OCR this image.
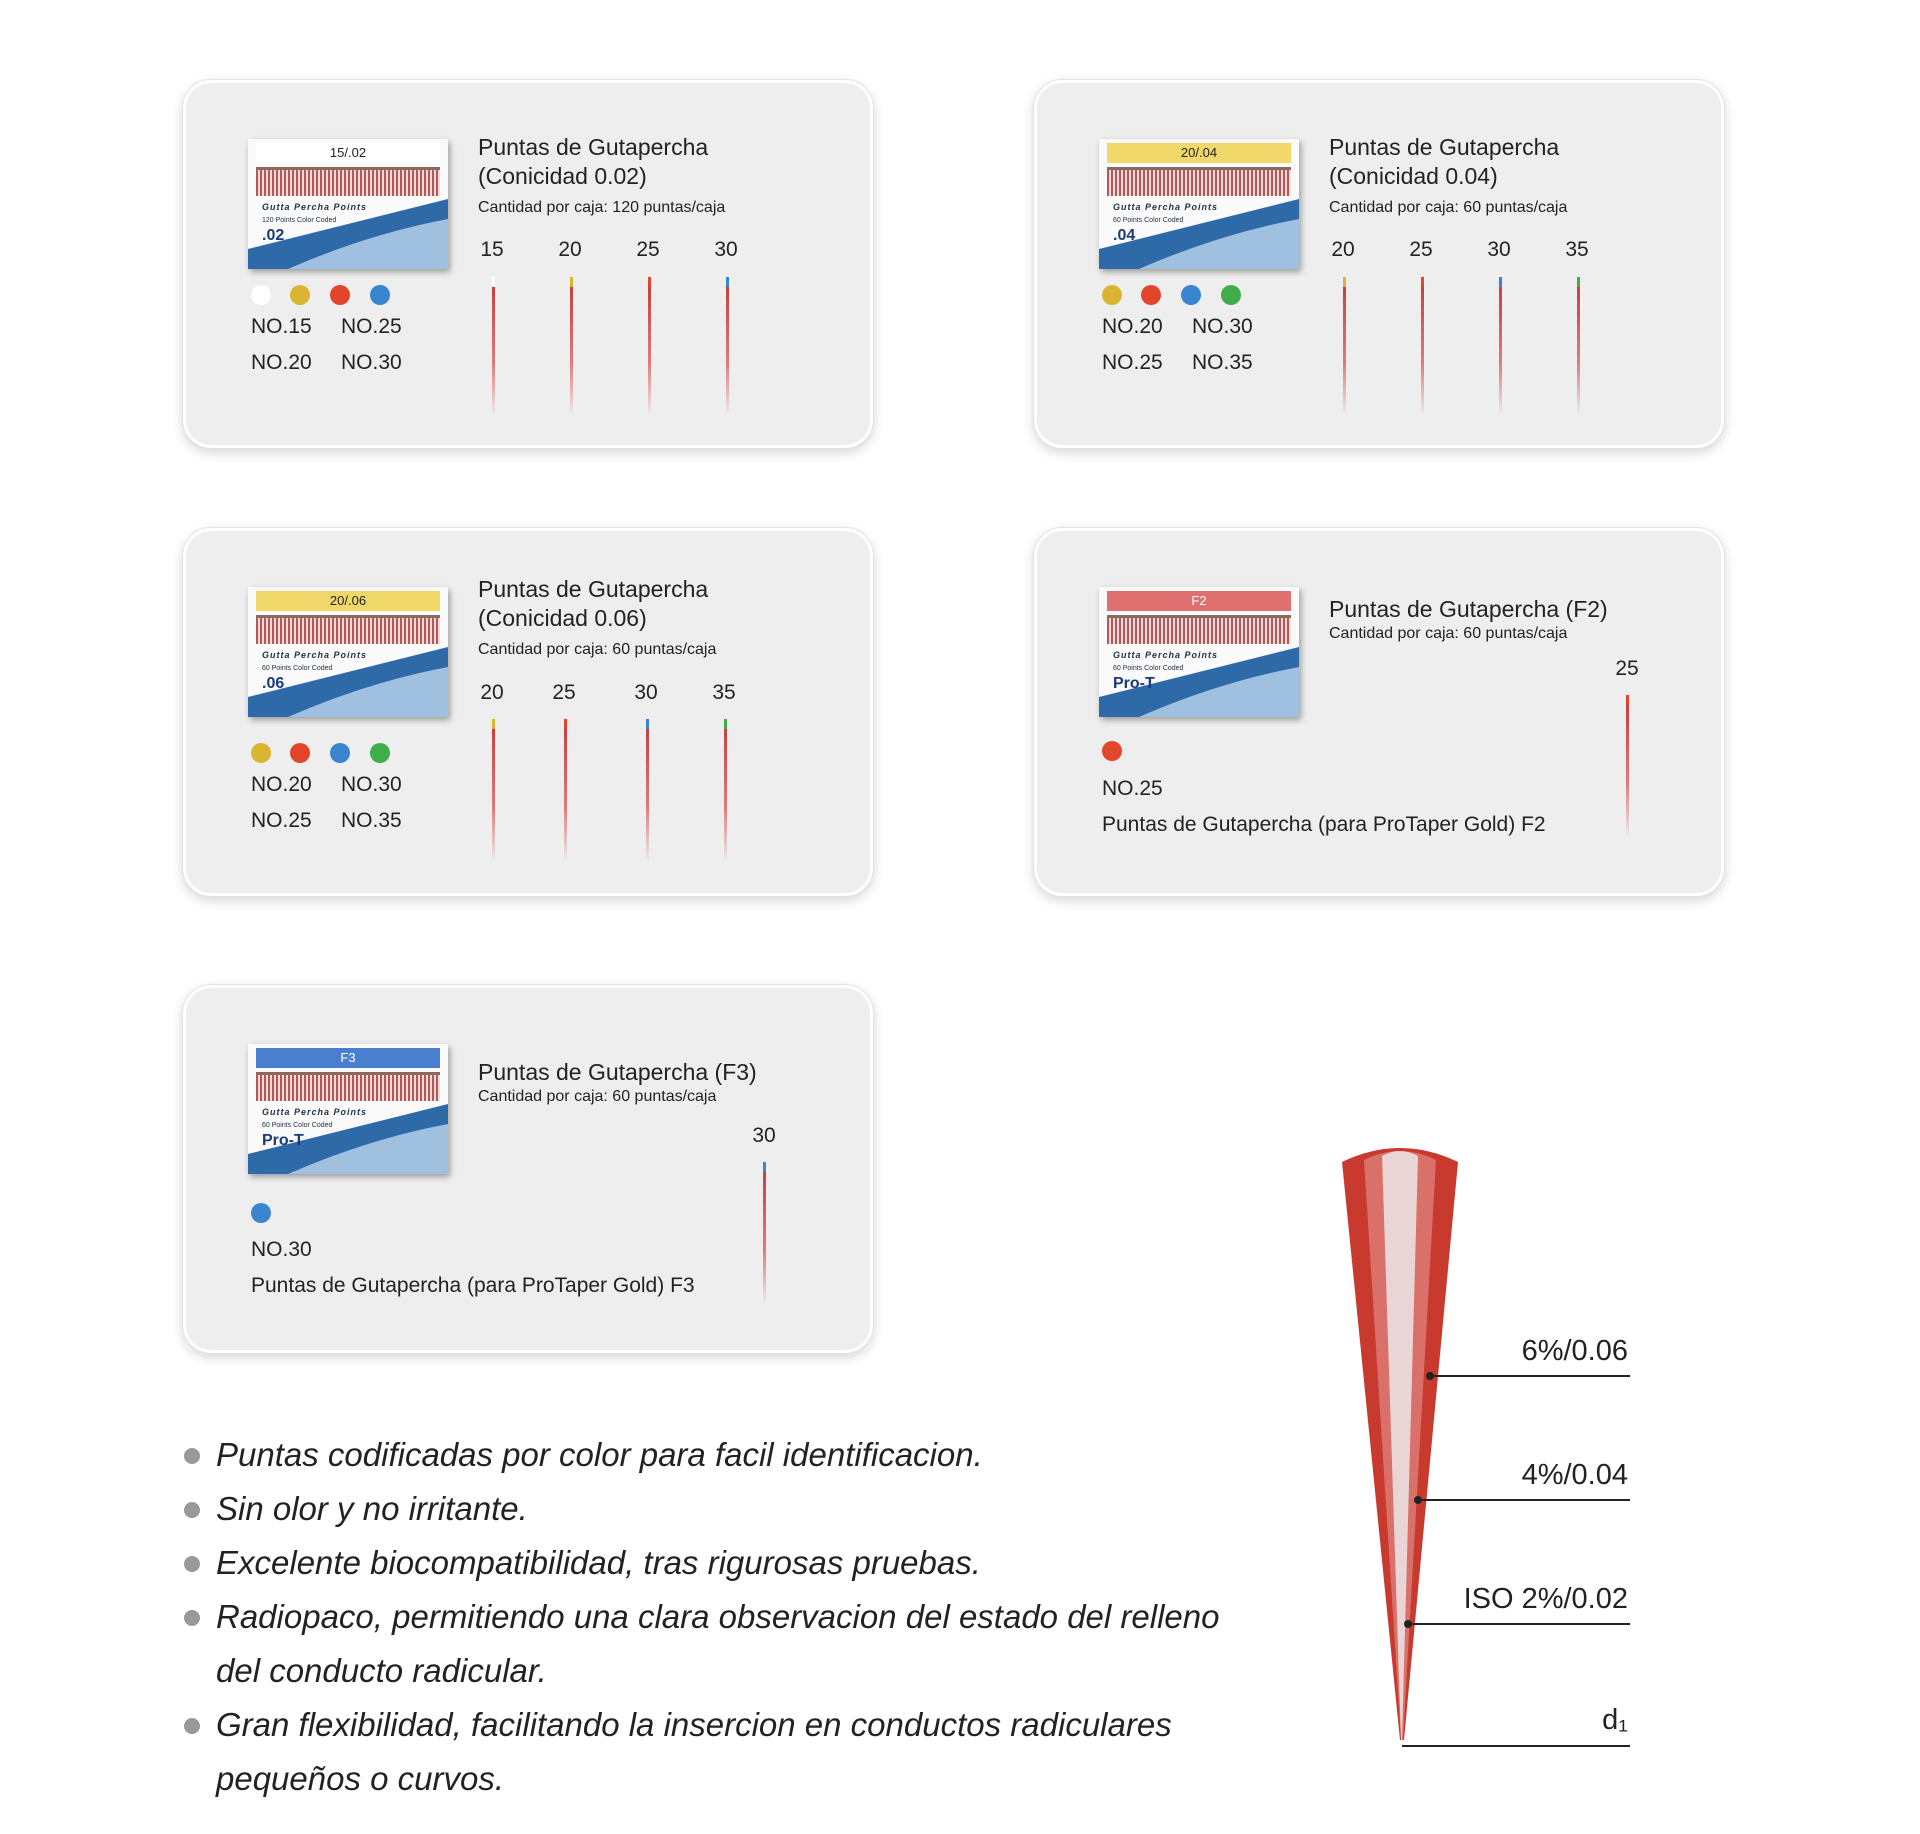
15/.02
Gutta Percha Points
120 Points Color Coded
.02
Puntas de Gutapercha
(Conicidad 0.02)
Cantidad por caja: 120 puntas/caja
NO.15 NO.25
NO.20 NO.30
15	20	25	30
20/.04
Gutta Percha Points
60 Points Color Coded
.04
Puntas de Gutapercha
(Conicidad 0.04)
Cantidad por caja: 60 puntas/caja
NO.20 NO.30
NO.25 NO.35
20	25	30	35
20/.06
Gutta Percha Points
60 Points Color Coded
.06
Puntas de Gutapercha
(Conicidad 0.06)
Cantidad por caja: 60 puntas/caja
NO.20 NO.30
NO.25 NO.35
20	25	30	35
F2
Gutta Percha Points
60 Points Color Coded
Pro-T
Puntas de Gutapercha (F2)
Cantidad por caja: 60 puntas/caja
NO.25
Puntas de Gutapercha (para ProTaper Gold) F2
25
F3
Gutta Percha Points
60 Points Color Coded
Pro-T
Puntas de Gutapercha (F3)
Cantidad por caja: 60 puntas/caja
NO.30
Puntas de Gutapercha (para ProTaper Gold) F3
30
Puntas codificadas por color para facil identificacion.
Sin olor y no irritante.
Excelente biocompatibilidad, tras rigurosas pruebas.
Radiopaco, permitiendo una clara observacion del estado del relleno del conducto radicular.
Gran flexibilidad, facilitando la insercion en conductos radiculares pequeños o curvos.
6%/0.06
4%/0.04
ISO 2%/0.02
d₁
